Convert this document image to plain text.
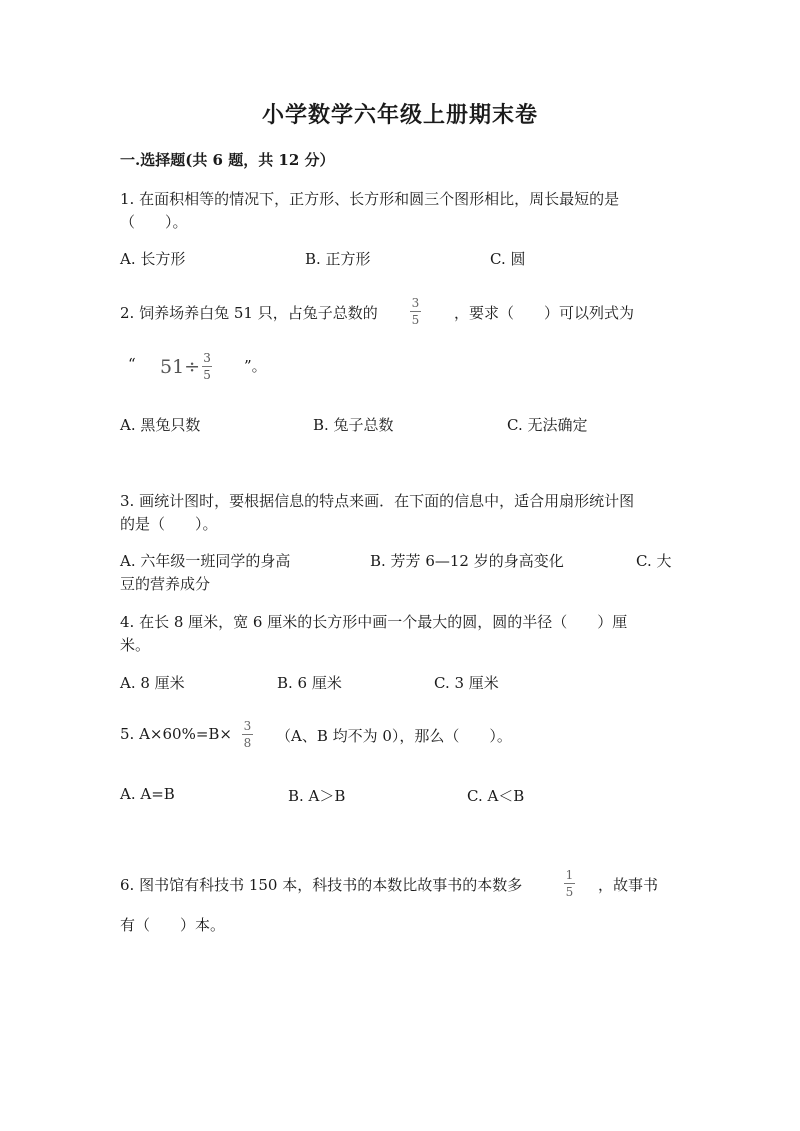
小学数学六年级上册期末卷
一.选择题(共 6 题，共 12 分）
1. 在面积相等的情况下，正方形、长方形和圆三个图形相比，周长最短的是
（　　）。
A. 长方形	B. 正方形	C. 圆
2. 饲养场养白兔 51 只，占兔子总数的
3
5 ，要求（　　）可以列式为
“ 51÷ 3
5 ”。
A. 黑兔只数	B. 兔子总数	C. 无法确定
3. 画统计图时，要根据信息的特点来画．在下面的信息中，适合用扇形统计图
的是（　　）。
A. 六年级一班同学的身高	B. 芳芳 6—12 岁的身高变化	C. 大
豆的营养成分
4. 在长 8 厘米，宽 6 厘米的长方形中画一个最大的圆，圆的半径（　　）厘
米。
A. 8 厘米	B. 6 厘米	C. 3 厘米
5. A×60%=B× 3
8 （A、B 均不为 0），那么（　　）。
A. A=B	B. A＞B	C. A＜B
6. 图书馆有科技书 150 本，科技书的本数比故事书的本数多
1
5 ，故事书
有（　　）本。
